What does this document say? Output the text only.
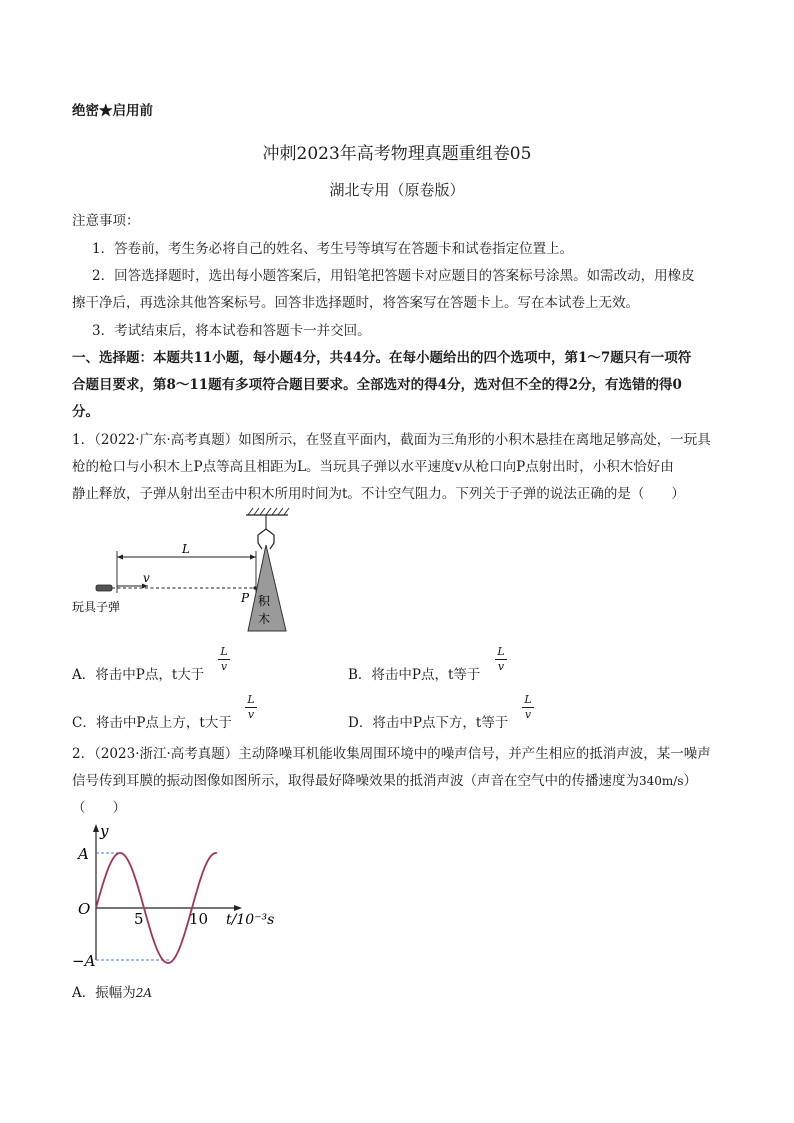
绝密★启用前
冲刺2023年高考物理真题重组卷05
湖北专用（原卷版）
注意事项：
1．答卷前，考生务必将自己的姓名、考生号等填写在答题卡和试卷指定位置上。
2．回答选择题时，选出每小题答案后，用铅笔把答题卡对应题目的答案标号涂黑。如需改动，用橡皮
擦干净后，再选涂其他答案标号。回答非选择题时，将答案写在答题卡上。写在本试卷上无效。
3．考试结束后，将本试卷和答题卡一并交回。
一、选择题：本题共11小题，每小题4分，共44分。在每小题给出的四个选项中，第1～7题只有一项符
合题目要求，第8～11题有多项符合题目要求。全部选对的得4分，选对但不全的得2分，有选错的得0
分。
1．（2022·广东·高考真题）如图所示，在竖直平面内，截面为三角形的小积木悬挂在离地足够高处，一玩具
枪的枪口与小积木上P点等高且相距为L。当玩具子弹以水平速度v从枪口向P点射出时，小积木恰好由
静止释放，子弹从射出至击中积木所用时间为t。不计空气阻力。下列关于子弹的说法正确的是（　　）
L
v
P 积
木
玩具子弹
A．将击中P点，t大于
L
v
B．将击中P点，t等于
L
v
C．将击中P点上方，t大于
L
v
D．将击中P点下方，t等于
L
v
2．（2023·浙江·高考真题）主动降噪耳机能收集周围环境中的噪声信号，并产生相应的抵消声波，某一噪声
信号传到耳膜的振动图像如图所示，取得最好降噪效果的抵消声波（声音在空气中的传播速度为340m/s）
（　　）
y
A
−A
O
5	10 t/10⁻³s
A．振幅为2A
